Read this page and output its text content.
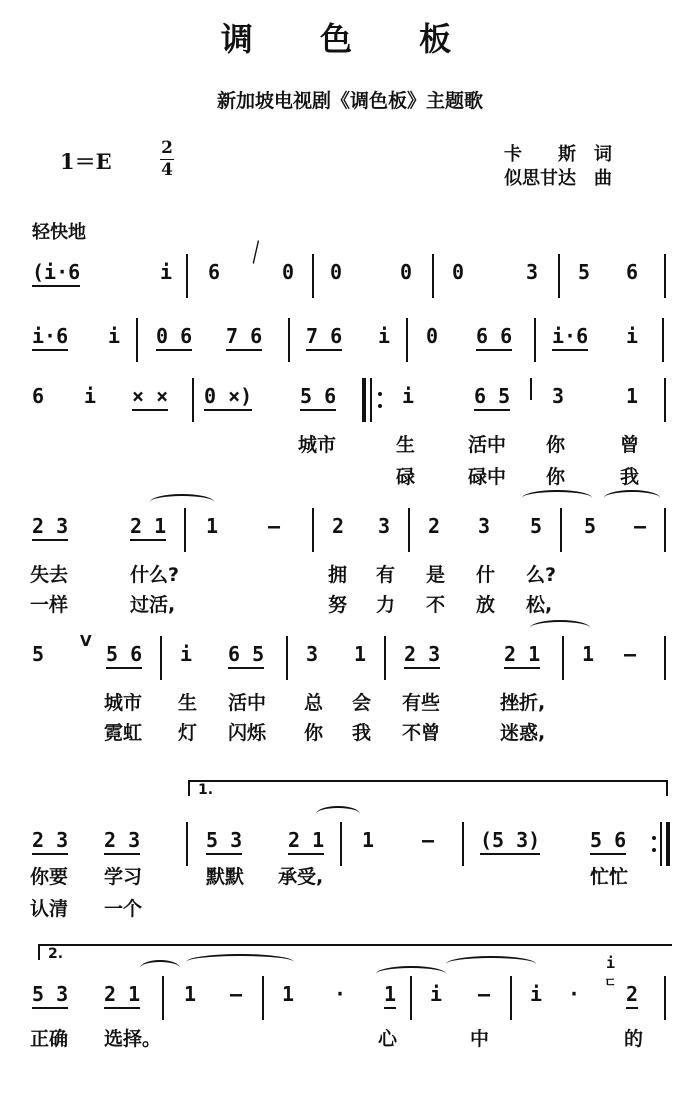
调 色 板
新加坡电视剧《调色板》主题歌
1＝E
2
4
卡　　斯　词
似思甘达　曲
轻快地
(i·6	i 6
╲
0 0	0 0	3 5 6
i·6 i 0 6 7 6 7 6 i 0 6 6 i·6 i
6 i × × 0 ×) 5 6	i	6 5 3	1
城市	生	活中 你	曾
碌	碌中 你	我
2 3	2 1 1 —	2 3 2 3 5 5 —
失去	什么?	拥 有 是 什 么?
一样	过活,	努 力 不 放 松,
5
V
5 6 i 6 5 3 1 2 3	2 1 1 —
城市 生 活中 总 会 有些	挫折,
霓虹 灯 闪烁 你 我 不曾	迷惑,
1.
2 3 2 3	5 3 2 1 1 — (5 3) 5 6
你要 学习	默默 承受,	忙忙
认清 一个
2.
5 3 2 1 1 — 1 · 1 i — i ·
i
ㄷ 2
正确 选择。	心	中	的
